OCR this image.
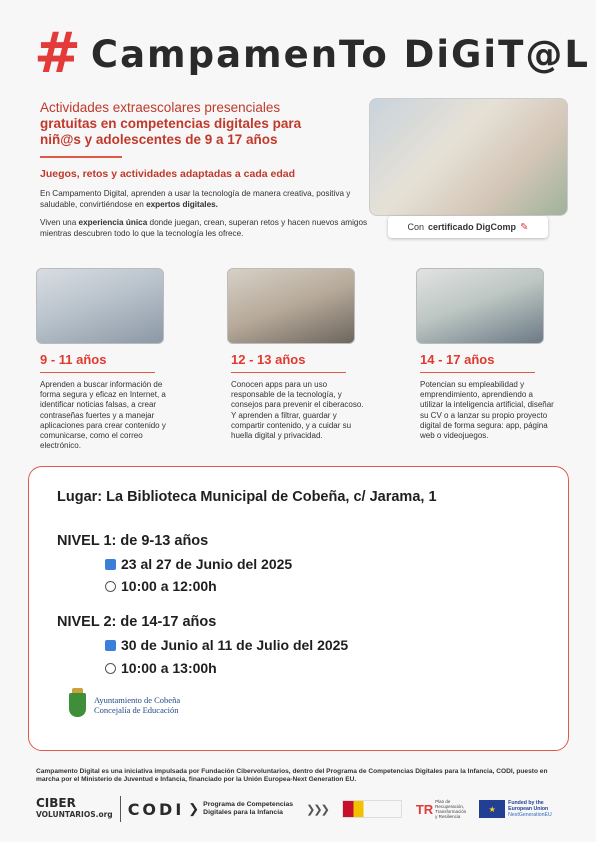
# CampamenTo DiGiT@L
Actividades extraescolares presenciales
gratuitas en competencias digitales para niñ@s y adolescentes de 9 a 17 años
Juegos, retos y actividades adaptadas a cada edad

En Campamento Digital, aprenden a usar la tecnología de manera creativa, positiva y saludable, convirtiéndose en expertos digitales.

Viven una experiencia única donde juegan, crean, superan retos y hacen nuevos amigos mientras descubren todo lo que la tecnología les ofrece.

Con certificado DigComp ✎
9 - 11 años

Aprenden a buscar información de forma segura y eficaz en Internet, a identificar noticias falsas, a crear contraseñas fuertes y a manejar aplicaciones para crear contenido y comunicarse, como el correo electrónico.

12 - 13 años

Conocen apps para un uso responsable de la tecnología, y consejos para prevenir el ciberacoso. Y aprenden a filtrar, guardar y compartir contenido, y a cuidar su huella digital y privacidad.

14 - 17 años

Potencian su empleabilidad y emprendimiento, aprendiendo a utilizar la inteligencia artificial, diseñar su CV o a lanzar su propio proyecto digital de forma segura: app, página web o videojuegos.

Lugar: La Biblioteca Municipal de Cobeña, c/ Jarama, 1
NIVEL 1: de 9-13 años
23 al 27 de Junio del 2025
10:00 a 12:00h
NIVEL 2: de 14-17 años
30 de Junio al 11 de Julio del 2025
10:00 a 13:00h
Ayuntamiento de Cobeña
Concejalía de Educación
Campamento Digital es una iniciativa impulsada por Fundación Cibervoluntarios, dentro del Programa de Competencias Digitales para la Infancia, CODI, puesto en marcha por el Ministerio de Juventud e Infancia, financiado por la Unión Europea-Next Generation EU.
CIBER
VOLUNTARIOS.org CODI ❯ Programa de Competencias Digitales para la Infancia	❯❯❯	TR Plan de Recuperación, Transformación y Resiliencia
★
Funded by the European Union
NextGenerationEU
